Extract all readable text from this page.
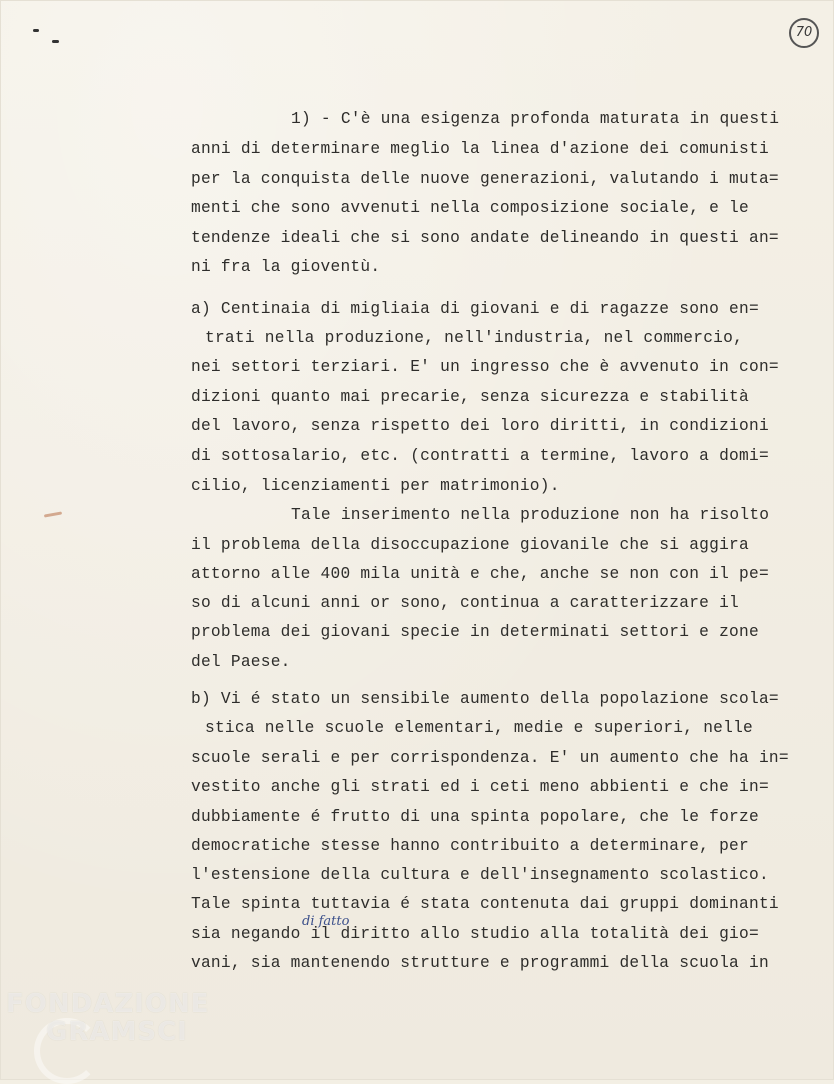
70

1) - C'è una esigenza profonda maturata in questi
anni di determinare meglio la linea d'azione dei comunisti
per la conquista delle nuove generazioni, valutando i muta=
menti che sono avvenuti nella composizione sociale, e le
tendenze ideali che si sono andate delineando in questi an=
ni fra la gioventù.
a) Centinaia di migliaia di giovani e di ragazze sono en=
trati nella produzione, nell'industria, nel commercio,
nei settori terziari. E' un ingresso che è avvenuto in con=
dizioni quanto mai precarie, senza sicurezza e stabilità
del lavoro, senza rispetto dei loro diritti, in condizioni
di sottosalario, etc. (contratti a termine, lavoro a domi=
cilio, licenziamenti per matrimonio).
Tale inserimento nella produzione non ha risolto
il problema della disoccupazione giovanile che si aggira
attorno alle 400 mila unità e che, anche se non con il pe=
so di alcuni anni or sono, continua a caratterizzare il
problema dei giovani specie in determinati settori e zone
del Paese.
b) Vi é stato un sensibile aumento della popolazione scola=
stica nelle scuole elementari, medie e superiori, nelle
scuole serali e per corrispondenza. E' un aumento che ha in=
vestito anche gli strati ed i ceti meno abbienti e che in=
dubbiamente é frutto di una spinta popolare, che le forze
democratiche stesse hanno contribuito a determinare, per
l'estensione della cultura e dell'insegnamento scolastico.
Tale spinta tuttavia é stata contenuta dai gruppi dominanti
sia negando il diritto allo studio alla totalità dei gio=
vani, sia mantenendo strutture e programmi della scuola in
di fatto
FONDAZIONE
GRAMSCI
